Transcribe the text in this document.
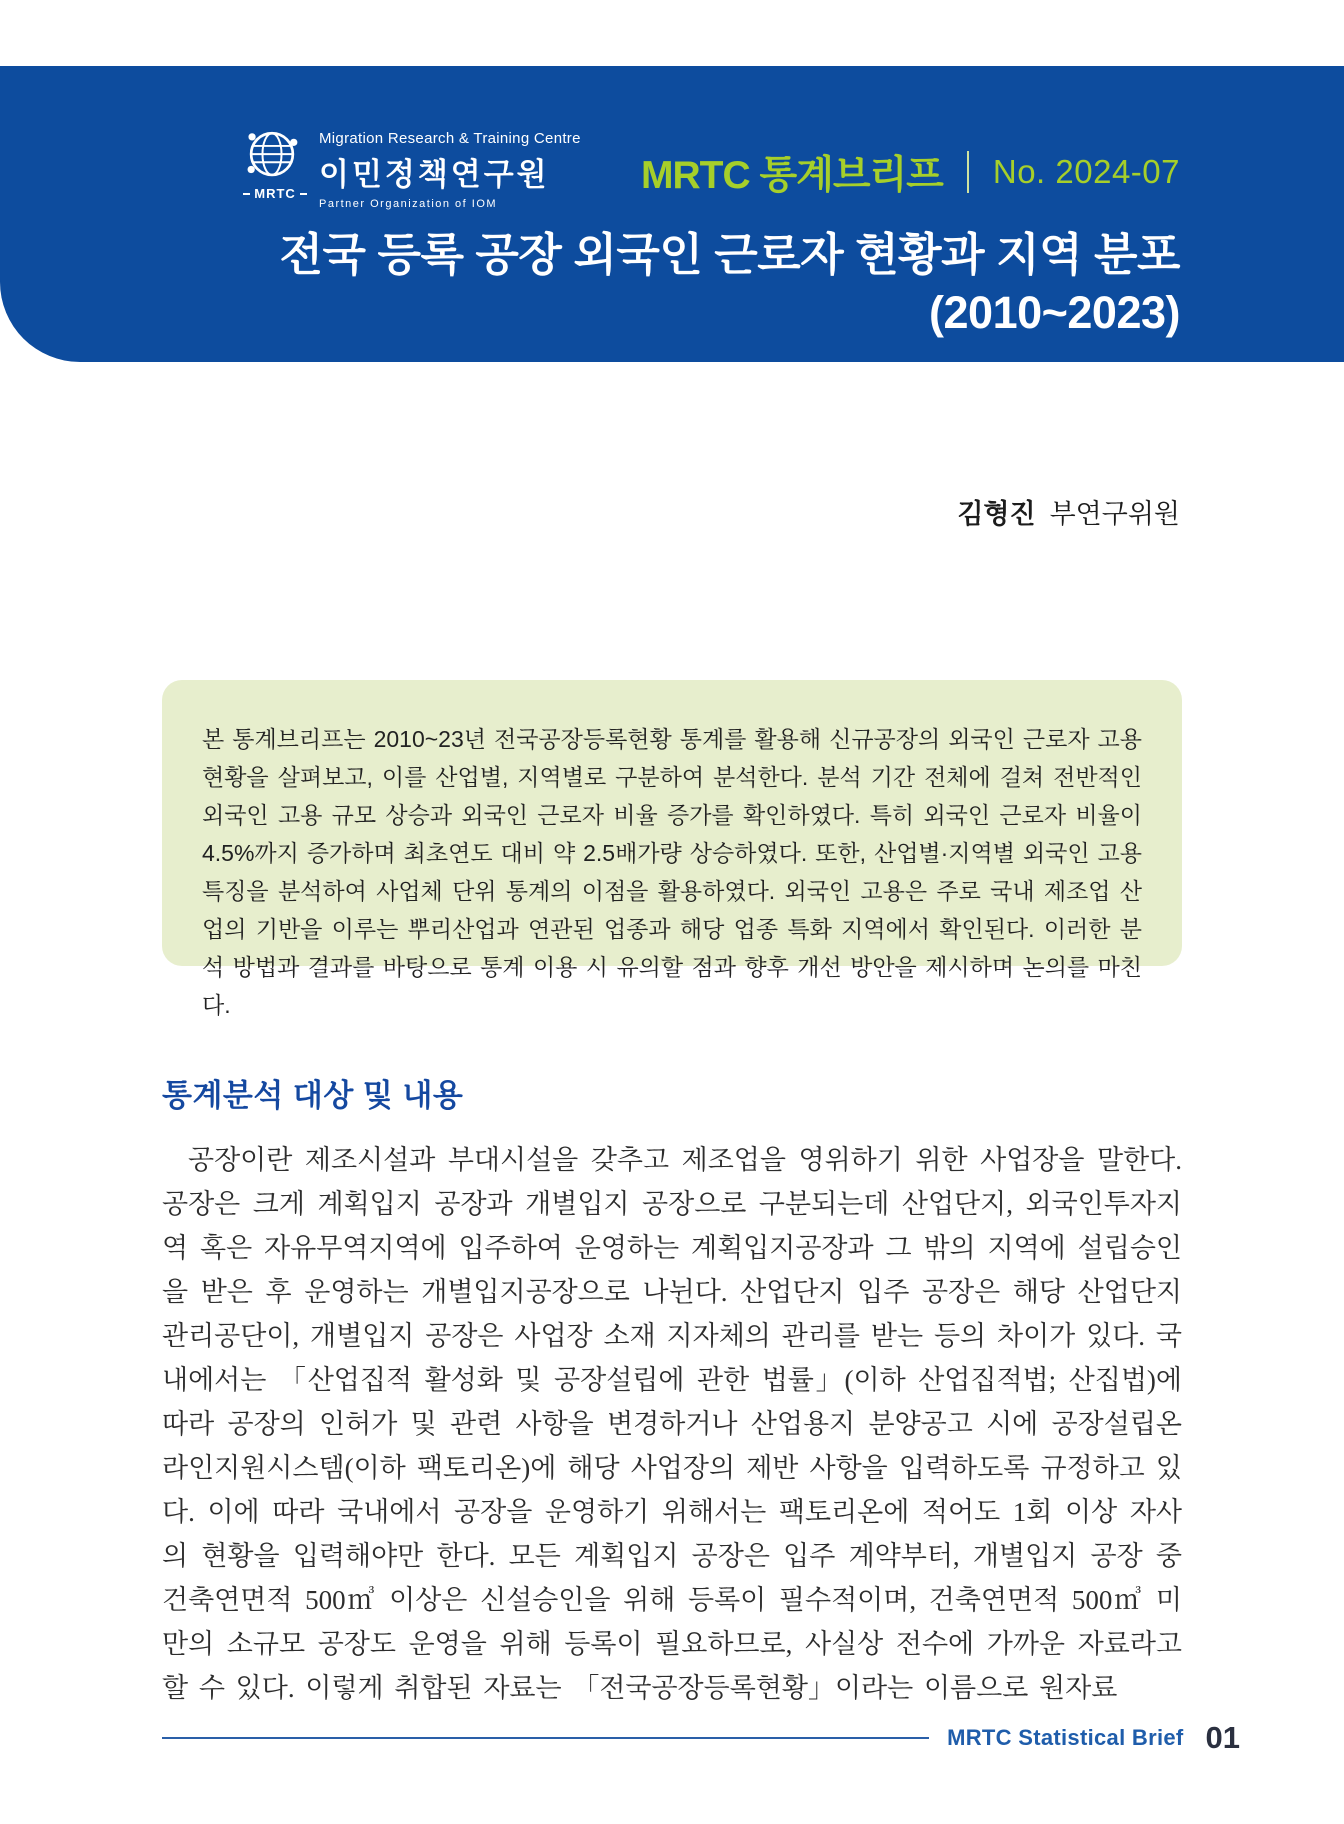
MRTC
Migration Research & Training Centre
이민정책연구원
Partner Organization of IOM
MRTC 통계브리프 No. 2024-07
전국 등록 공장 외국인 근로자 현황과 지역 분포
(2010~2023)
김형진 부연구위원
본 통계브리프는 2010~23년 전국공장등록현황 통계를 활용해 신규공장의 외국인 근로자 고용현황을 살펴보고, 이를 산업별, 지역별로 구분하여 분석한다. 분석 기간 전체에 걸쳐 전반적인 외국인 고용 규모 상승과 외국인 근로자 비율 증가를 확인하였다. 특히 외국인 근로자 비율이 4.5%까지 증가하며 최초연도 대비 약 2.5배가량 상승하였다. 또한, 산업별·지역별 외국인 고용 특징을 분석하여 사업체 단위 통계의 이점을 활용하였다. 외국인 고용은 주로 국내 제조업 산업의 기반을 이루는 뿌리산업과 연관된 업종과 해당 업종 특화 지역에서 확인된다. 이러한 분석 방법과 결과를 바탕으로 통계 이용 시 유의할 점과 향후 개선 방안을 제시하며 논의를 마친다.
통계분석 대상 및 내용
공장이란 제조시설과 부대시설을 갖추고 제조업을 영위하기 위한 사업장을 말한다. 공장은 크게 계획입지 공장과 개별입지 공장으로 구분되는데 산업단지, 외국인투자지역 혹은 자유무역지역에 입주하여 운영하는 계획입지공장과 그 밖의 지역에 설립승인을 받은 후 운영하는 개별입지공장으로 나뉜다. 산업단지 입주 공장은 해당 산업단지관리공단이, 개별입지 공장은 사업장 소재 지자체의 관리를 받는 등의 차이가 있다. 국내에서는 「산업집적 활성화 및 공장설립에 관한 법률」(이하 산업집적법; 산집법)에 따라 공장의 인허가 및 관련 사항을 변경하거나 산업용지 분양공고 시에 공장설립온라인지원시스템(이하 팩토리온)에 해당 사업장의 제반 사항을 입력하도록 규정하고 있다. 이에 따라 국내에서 공장을 운영하기 위해서는 팩토리온에 적어도 1회 이상 자사의 현황을 입력해야만 한다. 모든 계획입지 공장은 입주 계약부터, 개별입지 공장 중 건축연면적 500㎥ 이상은 신설승인을 위해 등록이 필수적이며, 건축연면적 500㎥ 미만의 소규모 공장도 운영을 위해 등록이 필요하므로, 사실상 전수에 가까운 자료라고 할 수 있다. 이렇게 취합된 자료는 「전국공장등록현황」이라는 이름으로 원자료
MRTC Statistical Brief 01
